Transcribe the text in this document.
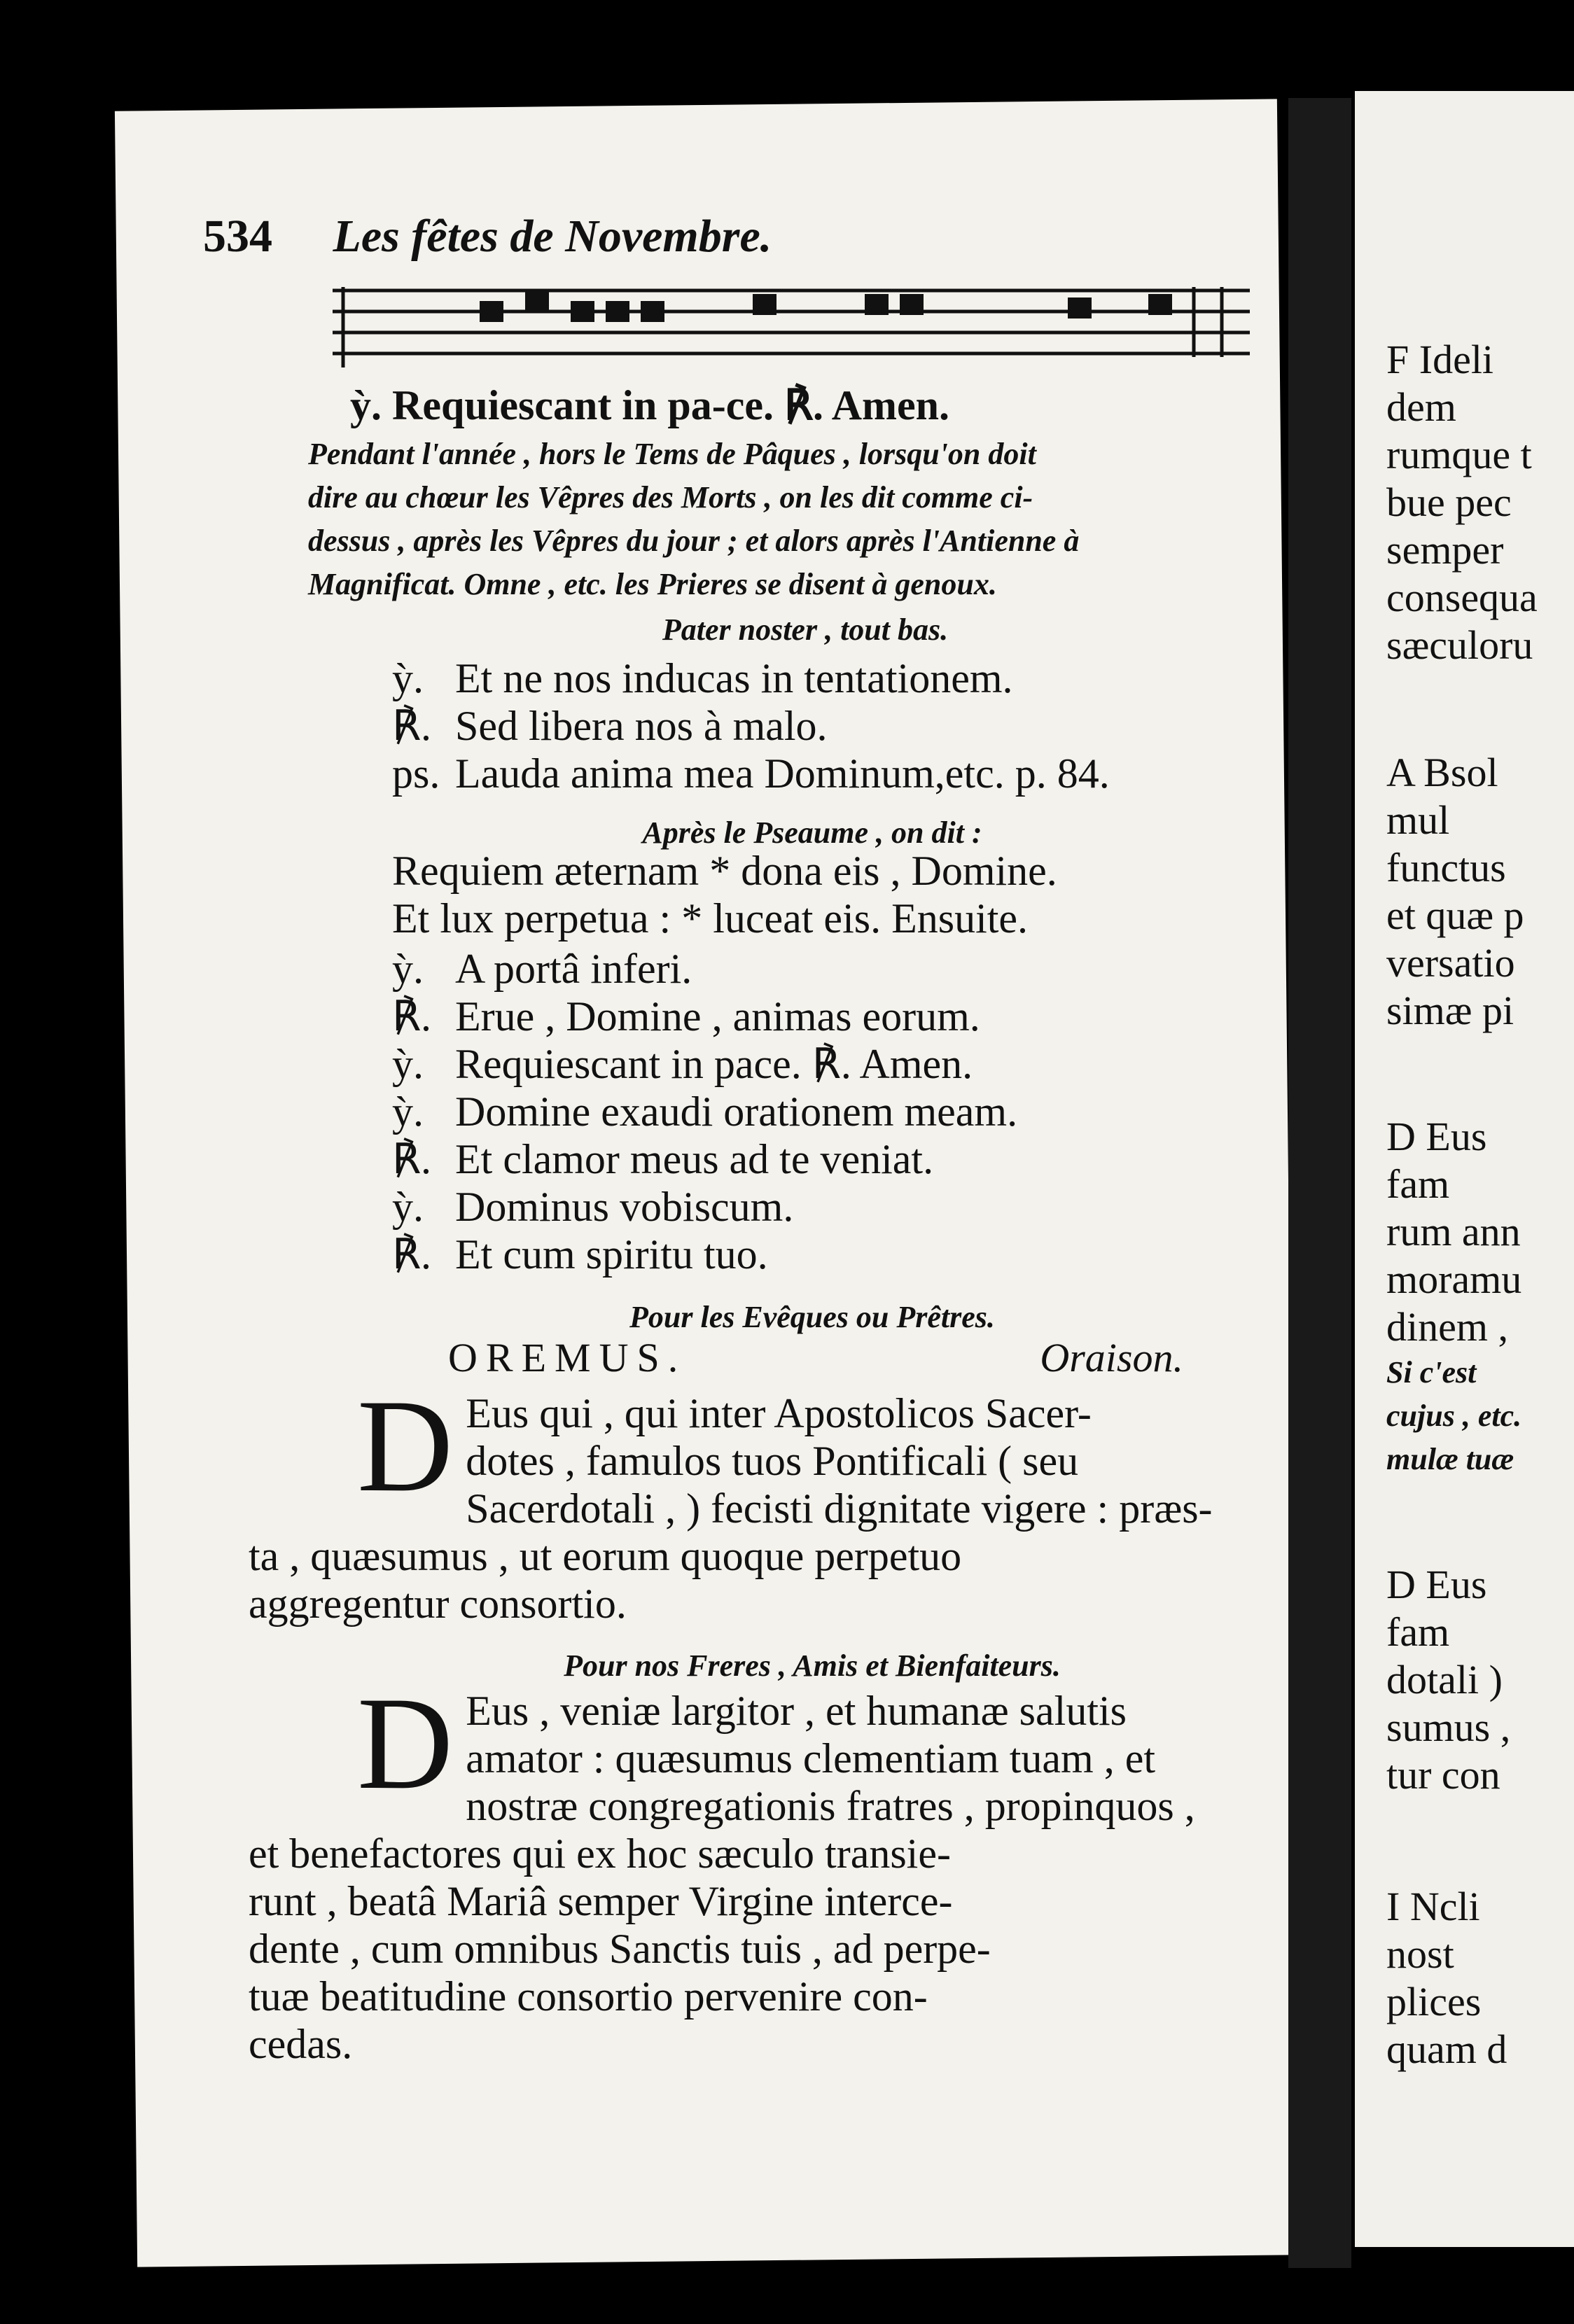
534 Les fêtes de Novembre.
ỳ. Requiescant in pa-ce. ℟. Amen.
Pendant l'année , hors le Tems de Pâques , lorsqu'on doit
dire au chœur les Vêpres des Morts , on les dit comme ci-
dessus , après les Vêpres du jour ; et alors après l'Antienne à
Magnificat. Omne , etc. les Prieres se disent à genoux.
Pater noster , tout bas.
ỳ. Et ne nos inducas in tentationem.
℟. Sed libera nos à malo.
ps. Lauda anima mea Dominum,etc. p. 84.
Après le Pseaume , on dit :
Requiem æternam * dona eis , Domine.
Et lux perpetua : * luceat eis. Ensuite.
ỳ. A portâ inferi.
℟. Erue , Domine , animas eorum.
ỳ. Requiescant in pace. ℟. Amen.
ỳ. Domine exaudi orationem meam.
℟. Et clamor meus ad te veniat.
ỳ. Dominus vobiscum.
℟. Et cum spiritu tuo.
Pour les Evêques ou Prêtres.
OREMUS.	Oraison.
D Eus qui , qui inter Apostolicos Sacer-
dotes , famulos tuos Pontificali ( seu
Sacerdotali , ) fecisti dignitate vigere : præs-
ta , quæsumus , ut eorum quoque perpetuo
aggregentur consortio.
Pour nos Freres , Amis et Bienfaiteurs.
D Eus , veniæ largitor , et humanæ salutis
amator : quæsumus clementiam tuam , et
nostræ congregationis fratres , propinquos ,
et benefactores qui ex hoc sæculo transie-
runt , beatâ Mariâ semper Virgine interce-
dente , cum omnibus Sanctis tuis , ad perpe-
tuæ beatitudine consortio pervenire con-
cedas.
F Ideli
dem
rumque t
bue pec
semper
consequa
sæculoru
A Bsol
mul
functus
et quæ p
versatio
simæ pi
D Eus
fam
rum ann
moramu
dinem ,
Si c'est
cujus , etc.
mulæ tuæ
D Eus
fam
dotali )
sumus ,
tur con
I Ncli
nost
plices
quam d
